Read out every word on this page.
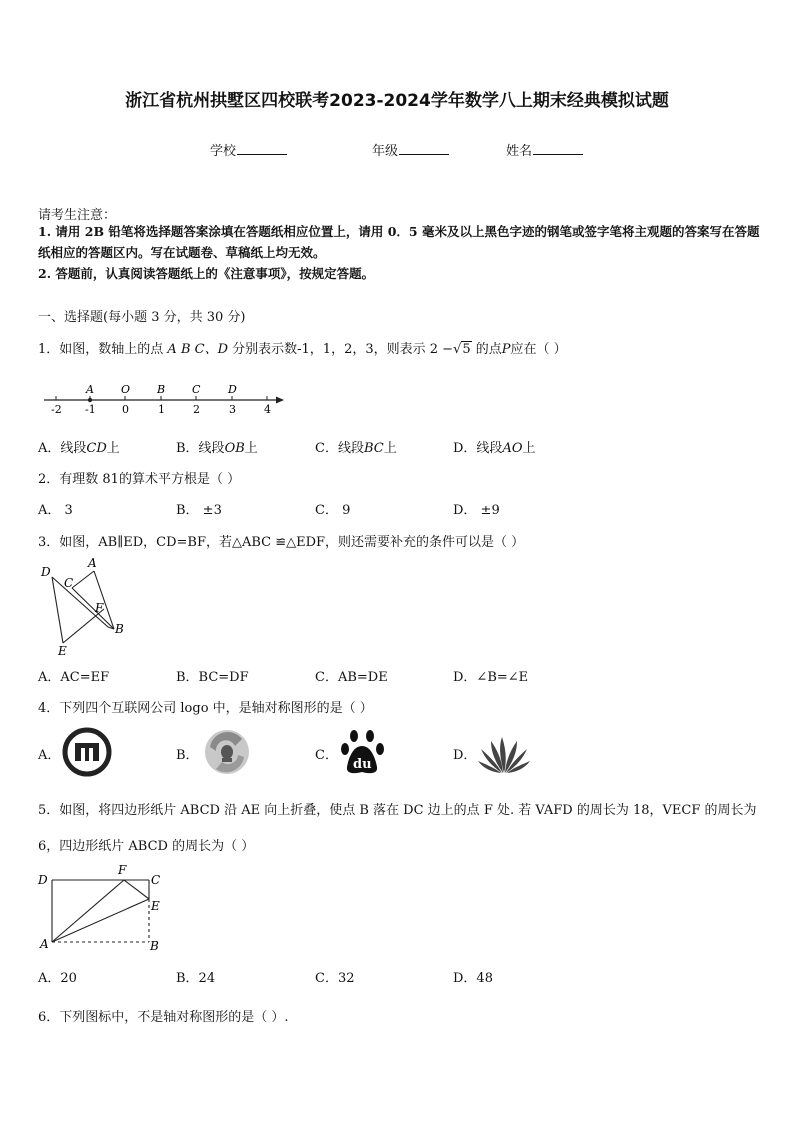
浙江省杭州拱墅区四校联考2023-2024学年数学八上期末经典模拟试题
学校	年级	姓名
请考生注意：
1. 请用 2B 铅笔将选择题答案涂填在答题纸相应位置上，请用 0．5 毫米及以上黑色字迹的钢笔或签字笔将主观题的答案写在答题纸相应的答题区内。写在试题卷、草稿纸上均无效。
2. 答题前，认真阅读答题纸上的《注意事项》，按规定答题。
一、选择题(每小题 3 分，共 30 分)
1．如图，数轴上的点 A B C、D 分别表示数-1，1，2，3，则表示 2 −√5 的点P应在（ ）
-2 -1 0	1	2	3	4
A O B C	D
A．线段CD上	B．线段OB上	C．线段BC上	D．线段AO上
2．有理数 81的算术平方根是（ ）
A． 3	B． ±3	C． 9	D． ±9
3．如图，AB∥ED，CD=BF，若△ABC ≌△EDF，则还需要补充的条件可以是（ ）
D
A
C
F
B
E
A．AC=EF	B．BC=DF	C．AB=DE	D．∠B=∠E
4．下列四个互联网公司 logo 中，是轴对称图形的是（ ）
A．	B．	C．
du
D．
5．如图，将四边形纸片 ABCD 沿 AE 向上折叠，使点 B 落在 DC 边上的点 F 处. 若 VAFD 的周长为 18，VECF 的周长为 6，四边形纸片 ABCD 的周长为（ ）
D
F
C
E
A	B
A．20	B．24	C．32	D．48
6．下列图标中，不是轴对称图形的是（ ）.
